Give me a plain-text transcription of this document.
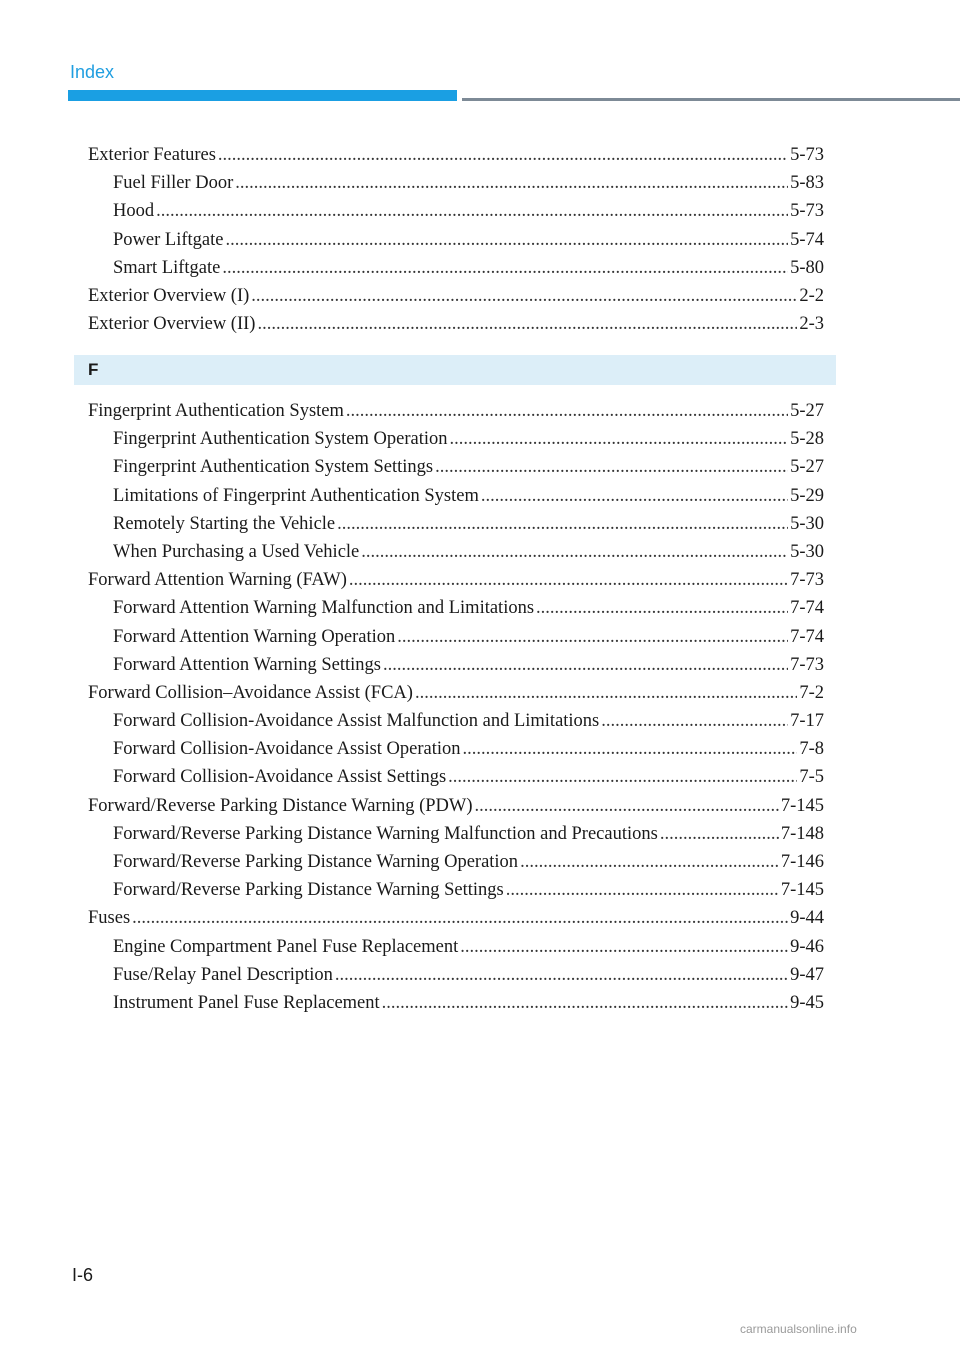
Index
Exterior Features .....	5-73
Fuel Filler Door .....	5-83
Hood .....	5-73
Power Liftgate .....	5-74
Smart Liftgate .....	5-80
Exterior Overview (I) .....	2-2
Exterior Overview (II) .....	2-3
F
Fingerprint Authentication System .....	5-27
Fingerprint Authentication System Operation .....	5-28
Fingerprint Authentication System Settings .....	5-27
Limitations of Fingerprint Authentication System .....	5-29
Remotely Starting the Vehicle .....	5-30
When Purchasing a Used Vehicle .....	5-30
Forward Attention Warning (FAW) .....	7-73
Forward Attention Warning Malfunction and Limitations .....	7-74
Forward Attention Warning Operation .....	7-74
Forward Attention Warning Settings .....	7-73
Forward Collision–Avoidance Assist (FCA) .....	7-2
Forward Collision-Avoidance Assist Malfunction and Limitations .....	7-17
Forward Collision-Avoidance Assist Operation .....	7-8
Forward Collision-Avoidance Assist Settings .....	7-5
Forward/Reverse Parking Distance Warning (PDW) .....	7-145
Forward/Reverse Parking Distance Warning Malfunction and Precautions .....	7-148
Forward/Reverse Parking Distance Warning Operation .....	7-146
Forward/Reverse Parking Distance Warning Settings .....	7-145
Fuses .....	9-44
Engine Compartment Panel Fuse Replacement .....	9-46
Fuse/Relay Panel Description .....	9-47
Instrument Panel Fuse Replacement .....	9-45
I-6
carmanualsonline.info
